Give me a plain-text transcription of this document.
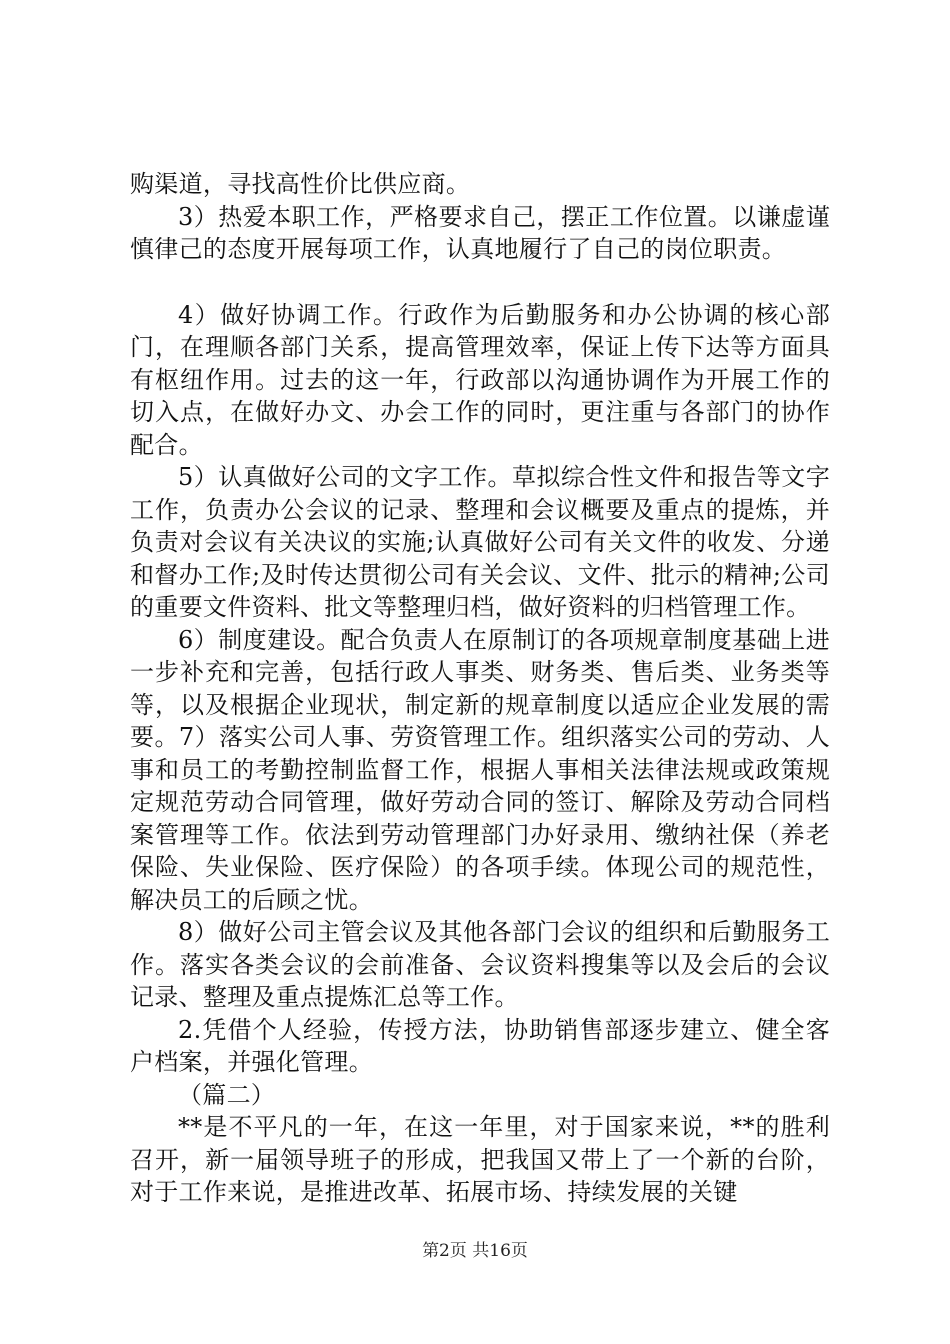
购渠道，寻找高性价比供应商。

3）热爱本职工作，严格要求自己，摆正工作位置。以谦虚谨慎律己的态度开展每项工作，认真地履行了自己的岗位职责。

4）做好协调工作。行政作为后勤服务和办公协调的核心部门，在理顺各部门关系，提高管理效率，保证上传下达等方面具有枢纽作用。过去的这一年，行政部以沟通协调作为开展工作的切入点，在做好办文、办会工作的同时，更注重与各部门的协作配合。

5）认真做好公司的文字工作。草拟综合性文件和报告等文字工作，负责办公会议的记录、整理和会议概要及重点的提炼，并负责对会议有关决议的实施;认真做好公司有关文件的收发、分递和督办工作;及时传达贯彻公司有关会议、文件、批示的精神;公司的重要文件资料、批文等整理归档，做好资料的归档管理工作。

6）制度建设。配合负责人在原制订的各项规章制度基础上进一步补充和完善，包括行政人事类、财务类、售后类、业务类等等，以及根据企业现状，制定新的规章制度以适应企业发展的需要。7）落实公司人事、劳资管理工作。组织落实公司的劳动、人事和员工的考勤控制监督工作，根据人事相关法律法规或政策规定规范劳动合同管理，做好劳动合同的签订、解除及劳动合同档案管理等工作。依法到劳动管理部门办好录用、缴纳社保（养老保险、失业保险、医疗保险）的各项手续。体现公司的规范性，解决员工的后顾之忧。

8）做好公司主管会议及其他各部门会议的组织和后勤服务工作。落实各类会议的会前准备、会议资料搜集等以及会后的会议记录、整理及重点提炼汇总等工作。

2.凭借个人经验，传授方法，协助销售部逐步建立、健全客户档案，并强化管理。

（篇二）

**是不平凡的一年，在这一年里，对于国家来说，**的胜利召开，新一届领导班子的形成，把我国又带上了一个新的台阶，对于工作来说，是推进改革、拓展市场、持续发展的关键

第2页 共16页
